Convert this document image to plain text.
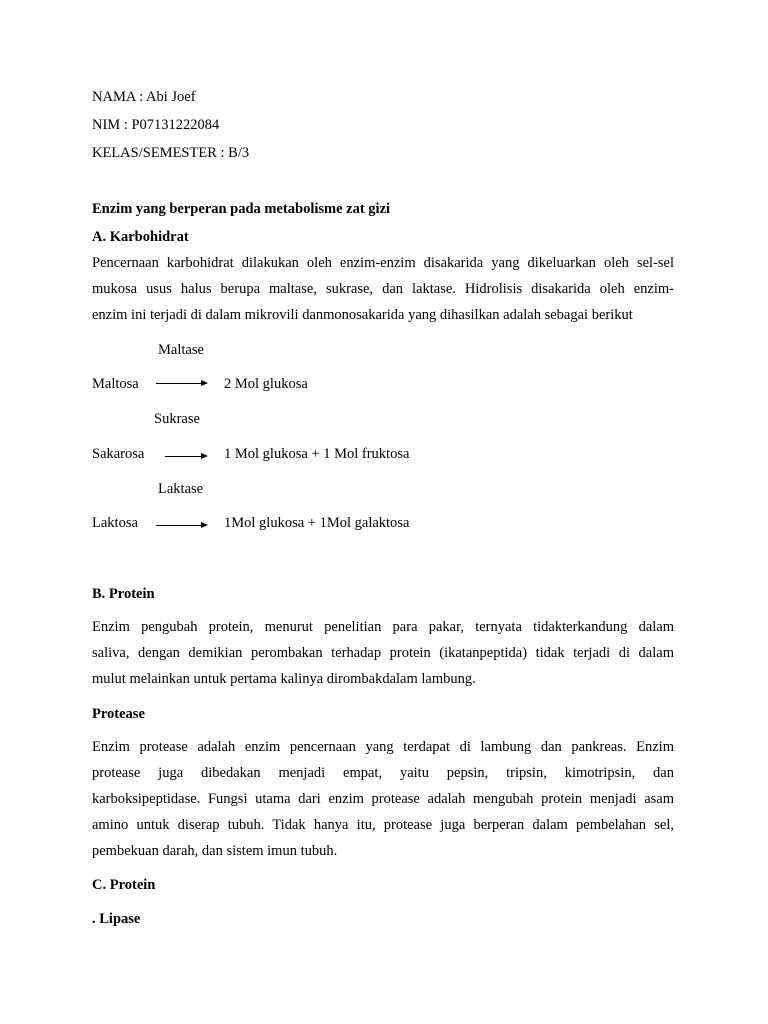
NAMA : Abi Joef
NIM : P07131222084
KELAS/SEMESTER : B/3
Enzim yang berperan pada metabolisme zat gizi
A. Karbohidrat
Pencernaan karbohidrat dilakukan oleh enzim-enzim disakarida yang dikeluarkan oleh sel-sel
mukosa usus halus berupa maltase, sukrase, dan laktase. Hidrolisis disakarida oleh enzim-
enzim ini terjadi di dalam mikrovili danmonosakarida yang dihasilkan adalah sebagai berikut
Maltase
Maltosa → 2 Mol glukosa
Sukrase
Sakarosa → 1 Mol glukosa + 1 Mol fruktosa
Laktase
Laktosa → 1Mol glukosa + 1Mol galaktosa
B. Protein
Enzim pengubah protein, menurut penelitian para pakar, ternyata tidakterkandung dalam
saliva, dengan demikian perombakan terhadap protein (ikatanpeptida) tidak terjadi di dalam
mulut melainkan untuk pertama kalinya dirombakdalam lambung.
Protease
Enzim protease adalah enzim pencernaan yang terdapat di lambung dan pankreas. Enzim
protease juga dibedakan menjadi empat, yaitu pepsin, tripsin, kimotripsin, dan
karboksipeptidase. Fungsi utama dari enzim protease adalah mengubah protein menjadi asam
amino untuk diserap tubuh. Tidak hanya itu, protease juga berperan dalam pembelahan sel,
pembekuan darah, dan sistem imun tubuh.
C. Protein
. Lipase
